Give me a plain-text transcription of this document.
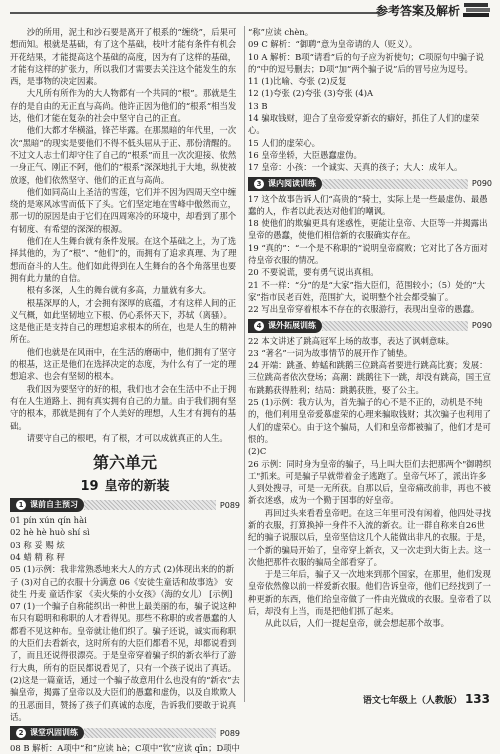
参考答案及解析

沙的所用，泥土和沙石要是离开了根系的“缠绕”，后果可想而知。根就是基础，有了这个基础，枝叶才能有条件有机会开花结果，才能提高这个基础的高度，因为有了这样的基础，才能有这样的扩张力，所以我们才需要去关注这个能发生的东西，是事物的决定因素。

大凡所有所作为的大人物都有一个共同的“根”。那就是生存的是自由的无正直与高尚。他许正因为他们的“根系”相当发达，他们才能在复杂的社会中坚守自己的正直。

他们大都才华横溢，锋芒毕露。在那黑暗的年代里，一次次“黑暗”的现实是要他们不得不低头屈从于正、那份清醒的。不过文人志士们却守住了自己的“根系”而且一次次迎接、依然一身正气、刚正不阿，他们的“根系”深深地扎于大地，纵使被放逐，他们依然坚守、他们的正直与高尚。

他们如同高山上圣洁的雪莲，它们并不因为四周天空中缠绕的是寒风冰雪而低下了头。它们坚定地在雪峰中傲然而立，那一切的原因是由于它们在四周寒冷的环境中，却看到了那个有韧度、有希望的深深的根源。

他们在人生舞台就有条件发展。在这个基础之上，为了选择其他的，为了“根”、“他们”的，而拥有了追求真理、为了理想而奋斗的人生。他们如此得到在人生舞台的各个角落里也要拥有此力量的自信。

根有多深，人生的舞台就有多高，力量就有多大。

根基深厚的人，才会拥有深厚的底蕴，才有这样人间的正义气概，如此坚韧地立下根、仍心系怀天下，苏轼（离骚）。这是他正是支持自己的理想追求根本的所在，也是人生的精神所在。

他们也就是在风雨中，在生活的磨砺中，他们拥有了坚守的根基，这正是他们在选择决定的态度，为什么有了一定的理想追求、也会有坚韧的根本。

我们因为要坚守的好的根，我们也才会在生活中不止于拥有在人生道路上、拥有真实拥有自己的力量。由于我们拥有坚守的根本，那就是拥有了个人美好的理想，人生才有拥有的基础。

请要守自己的根吧，有了根，才可以成就真正的人生。

第六单元
19 皇帝的新装
1 课前自主预习	P089

01 pín xún qín hài

02 hè hè huò shí sì

03 称 妥 赐 炫

04 蜡 精 称 秤

05 (1)示例：我非常熟悉地来大人的方式 (2)体现出来的的新子 (3)对自己的衣服十分满意 06《安徒生童话和故事选》 安徒生 丹麦 童话作家 《卖火柴的小女孩》（海的女儿） [示例]

07 (1)一个骗子自称能织出一种世上最美丽的布，骗子说这种布只有聪明和称职的人才看得见。那些不称职的或者愚蠢的人都看不见这种布。皇帝就让他们织了。骗子还说，诚实而称职的大臣们去看新衣，这时所有的大臣们都看不见，却都说看到了，而且还说得很漂亮。于是皇帝穿着骗子织的新衣举行了游行大典，所有的臣民都说看见了，只有一个孩子说出了真话。

(2)这是一篇童话，通过一个骗子故意用什么也没有的“新衣”去骗皇帝，揭露了皇帝以及大臣们的愚蠢和虚伪，以及自欺欺人的丑恶面目，赞扬了孩子们真诚的态度，告诉我们要敢于说真话。

2 课堂巩固训练	P089

08 B 解析：A项中“和”应读 hè；C项中“钦”应读 qīn；D项中

“称”应读 chèn。

09 C 解析：“御聘”意为皇帝请的人（贬义）。

10 A 解析：B项“请看”后的句子应为祈使句；C项原句中骗子说的“中的逗号删去；D项“加”两个骗子说”后的冒号应为逗号。

11 (1)比喻、夸张 (2)反复

12 (1)夸张 (2)夸张 (3)夸张 (4)A

13 B

14 骗取钱财，迎合了皇帝爱穿新衣的癖好，抓住了人们的虚荣心。

15 人们的虚荣心。

16 皇帝坐轿，大臣愚蠢虚伪。

17 皇帝：小孩：一个诚实、天真的孩子；大人：成年人。

3 课内阅读训练	P090

17 这个故事告诉人们“高贵的”骑士，实际上是一些最虚伪、最愚蠢的人，作者以此表达对他们的嘲讽。

18 使他们的欺骗更具有迷惑性，更能让皇帝、大臣等一并揭露出皇帝的愚蠢，使他们相信新的衣服确实存在。

19 “真的”：“一个是不称职的”说明皇帝腐败；它对比了各方面对待皇帝衣服的情况。

20 不要说谎，要有勇气说出真相。

21 不一样：“分”的是“大家”指大臣们，范围较小；（5）处的“大家”指市民老百姓，范围扩大，说明整个社会都受骗了。

22 写出皇帝穿着根本不存在的衣服游行，表现出皇帝的愚蠢。

4 课外拓展训练	P090

22 本文讲述了跳高冠军上场的故事，表达了讽刺意味。

23 “著名”一词为故事情节的展开作了铺垫。

24 开端：跳蚤、蚱蜢和跳鹅三位跳高者要进行跳高比赛；发展：三位跳高者依次登场；高潮：跳鹅往下一跳，却没有跳高，国王宣布跳鹅获得胜利；结局：跳鹅获胜，娶了公主。

25 (1)示例：我方认为，首先骗子的心不是不正的，动机是不纯的，他们利用皇帝爱慕虚荣的心理来骗取钱财；其次骗子也利用了人们的虚荣心。由于这个骗局，人们和皇帝都被骗了，他们才是可恨的。

(2)C

26 示例：同时身为皇帝的骗子，马上叫大臣们去把那两个"御聘织工"抓来。可是骗子早就带着金子逃跑了。皇帝气坏了，派出许多人到处搜寻，可是一无所获。自那以后，皇帝痛改前非，再也不被新衣迷惑，成为一个勤于国事的好皇帝。

再回过头来看看皇帝吧。在这三年里可没有闲着，他四处寻找新的衣服，打算换掉一身件不入流的新衣。让一群自称来自26世纪的骗子说服以后，皇帝坚信这几个人能做出非凡的衣服。于是，一个新的骗局开始了，皇帝穿上新衣，又一次走到大街上去。这一次他把那件衣服的骗局全部看穿了。

于是三年后，骗子又一次地来到那个国家，在那里，他们发现皇帝依然像以前一样爱新衣服。他们告诉皇帝，他们已经找到了一种更新的东西，他们给皇帝做了一件由光做成的衣服。皇帝看了以后，却没有上当，而是把他们抓了起来。

从此以后，人们一提起皇帝，就会想起那个故事。

语文七年级上（人教版） 133
